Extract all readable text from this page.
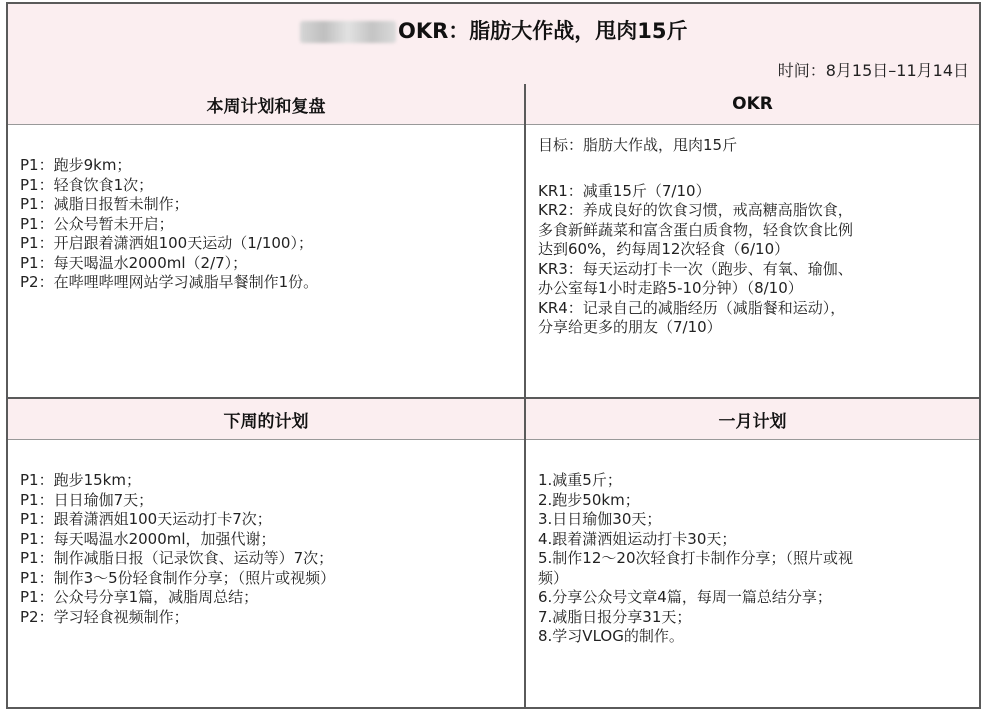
OKR：脂肪大作战，甩肉15斤
时间：8月15日–11月14日
本周计划和复盘	OKR
P1：跑步9km；
P1：轻食饮食1次；
P1：减脂日报暂未制作；
P1：公众号暂未开启；
P1：开启跟着潇洒姐100天运动（1/100）；
P1：每天喝温水2000ml（2/7）；
P2：在哔哩哔哩网站学习减脂早餐制作1份。
目标：脂肪大作战，甩肉15斤
KR1：减重15斤（7/10）
KR2：养成良好的饮食习惯，戒高糖高脂饮食，
多食新鲜蔬菜和富含蛋白质食物，轻食饮食比例
达到60%，约每周12次轻食（6/10）
KR3：每天运动打卡一次（跑步、有氧、瑜伽、
办公室每1小时走路5-10分钟）（8/10）
KR4：记录自己的减脂经历（减脂餐和运动），
分享给更多的朋友（7/10）
下周的计划	一月计划
P1：跑步15km；
P1：日日瑜伽7天；
P1：跟着潇洒姐100天运动打卡7次；
P1：每天喝温水2000ml，加强代谢；
P1：制作减脂日报（记录饮食、运动等）7次；
P1：制作3～5份轻食制作分享；（照片或视频）
P1：公众号分享1篇，减脂周总结；
P2：学习轻食视频制作；
1.减重5斤；
2.跑步50km；
3.日日瑜伽30天；
4.跟着潇洒姐运动打卡30天；
5.制作12～20次轻食打卡制作分享；（照片或视
频）
6.分享公众号文章4篇，每周一篇总结分享；
7.减脂日报分享31天；
8.学习VLOG的制作。
